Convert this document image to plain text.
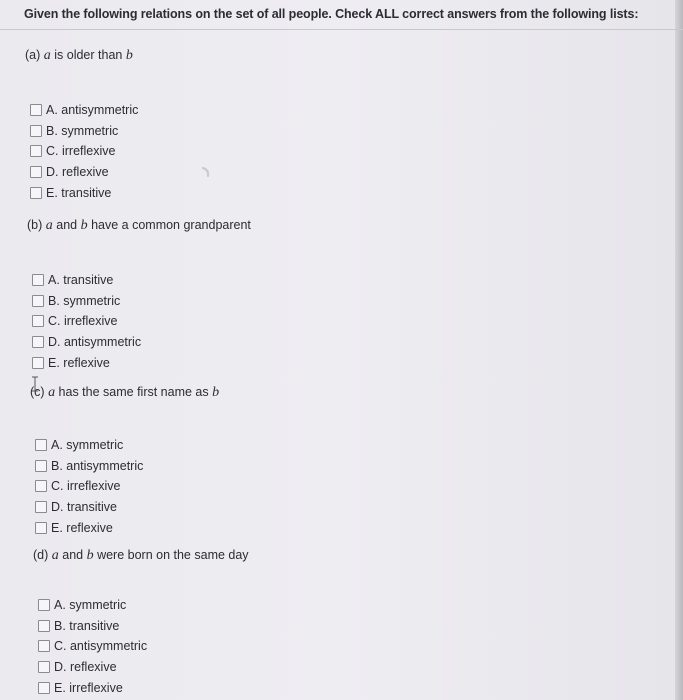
Given the following relations on the set of all people. Check ALL correct answers from the following lists:
(a) a is older than b
A. antisymmetric
B. symmetric
C. irreflexive
D. reflexive
E. transitive
(b) a and b have a common grandparent
A. transitive
B. symmetric
C. irreflexive
D. antisymmetric
E. reflexive
(c) a has the same first name as b
A. symmetric
B. antisymmetric
C. irreflexive
D. transitive
E. reflexive
(d) a and b were born on the same day
A. symmetric
B. transitive
C. antisymmetric
D. reflexive
E. irreflexive
